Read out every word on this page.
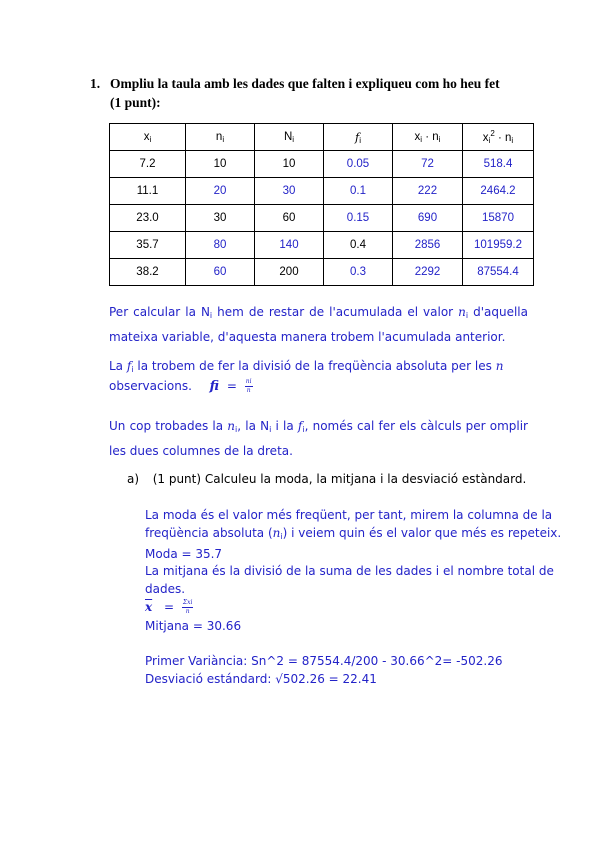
1. Ompliu la taula amb les dades que falten i expliqueu com ho heu fet
(1 punt):
$x_i$	$n_i$	$N_i$	$f_i$	$x_i \cdot n_i$	$x_i^2 \cdot n_i$
7.2	10	10	0.05	72	518.4
11.1	20	30	0.1	222	2464.2
23.0	30	60	0.15	690	15870
35.7	80	140	0.4	2856	101959.2
38.2	60	200	0.3	2292	87554.4
Per calcular la $N_i$ hem de restar de l'acumulada el valor $n_i$ d'aquella mateixa variable, d'aquesta manera trobem l'acumulada anterior.
La $f_i$ la trobem de fer la divisió de la freqüència absoluta per les n
observacions. fi = $\frac{ni}{n}$
Un cop trobades la $n_i$, la $N_i$ i la $f_i$, només cal fer els càlculs per omplir les dues columnes de la dreta.
a) (1 punt) Calculeu la moda, la mitjana i la desviació estàndard.
La moda és el valor més freqüent, per tant, mirem la columna de la
freqüència absoluta $(n_i)$ i veiem quin és el valor que més es repeteix.
Moda = 35.7
La mitjana és la divisió de la suma de les dades i el nombre total de
dades.
$\overline{x} = \frac{\text{Σxi}}{n}$
Mitjana = 30.66
Primer Variància: Sn^2 = 87554.4/200 - 30.66^2= -502.26
Desviació estándard: √502.26 = 22.41
